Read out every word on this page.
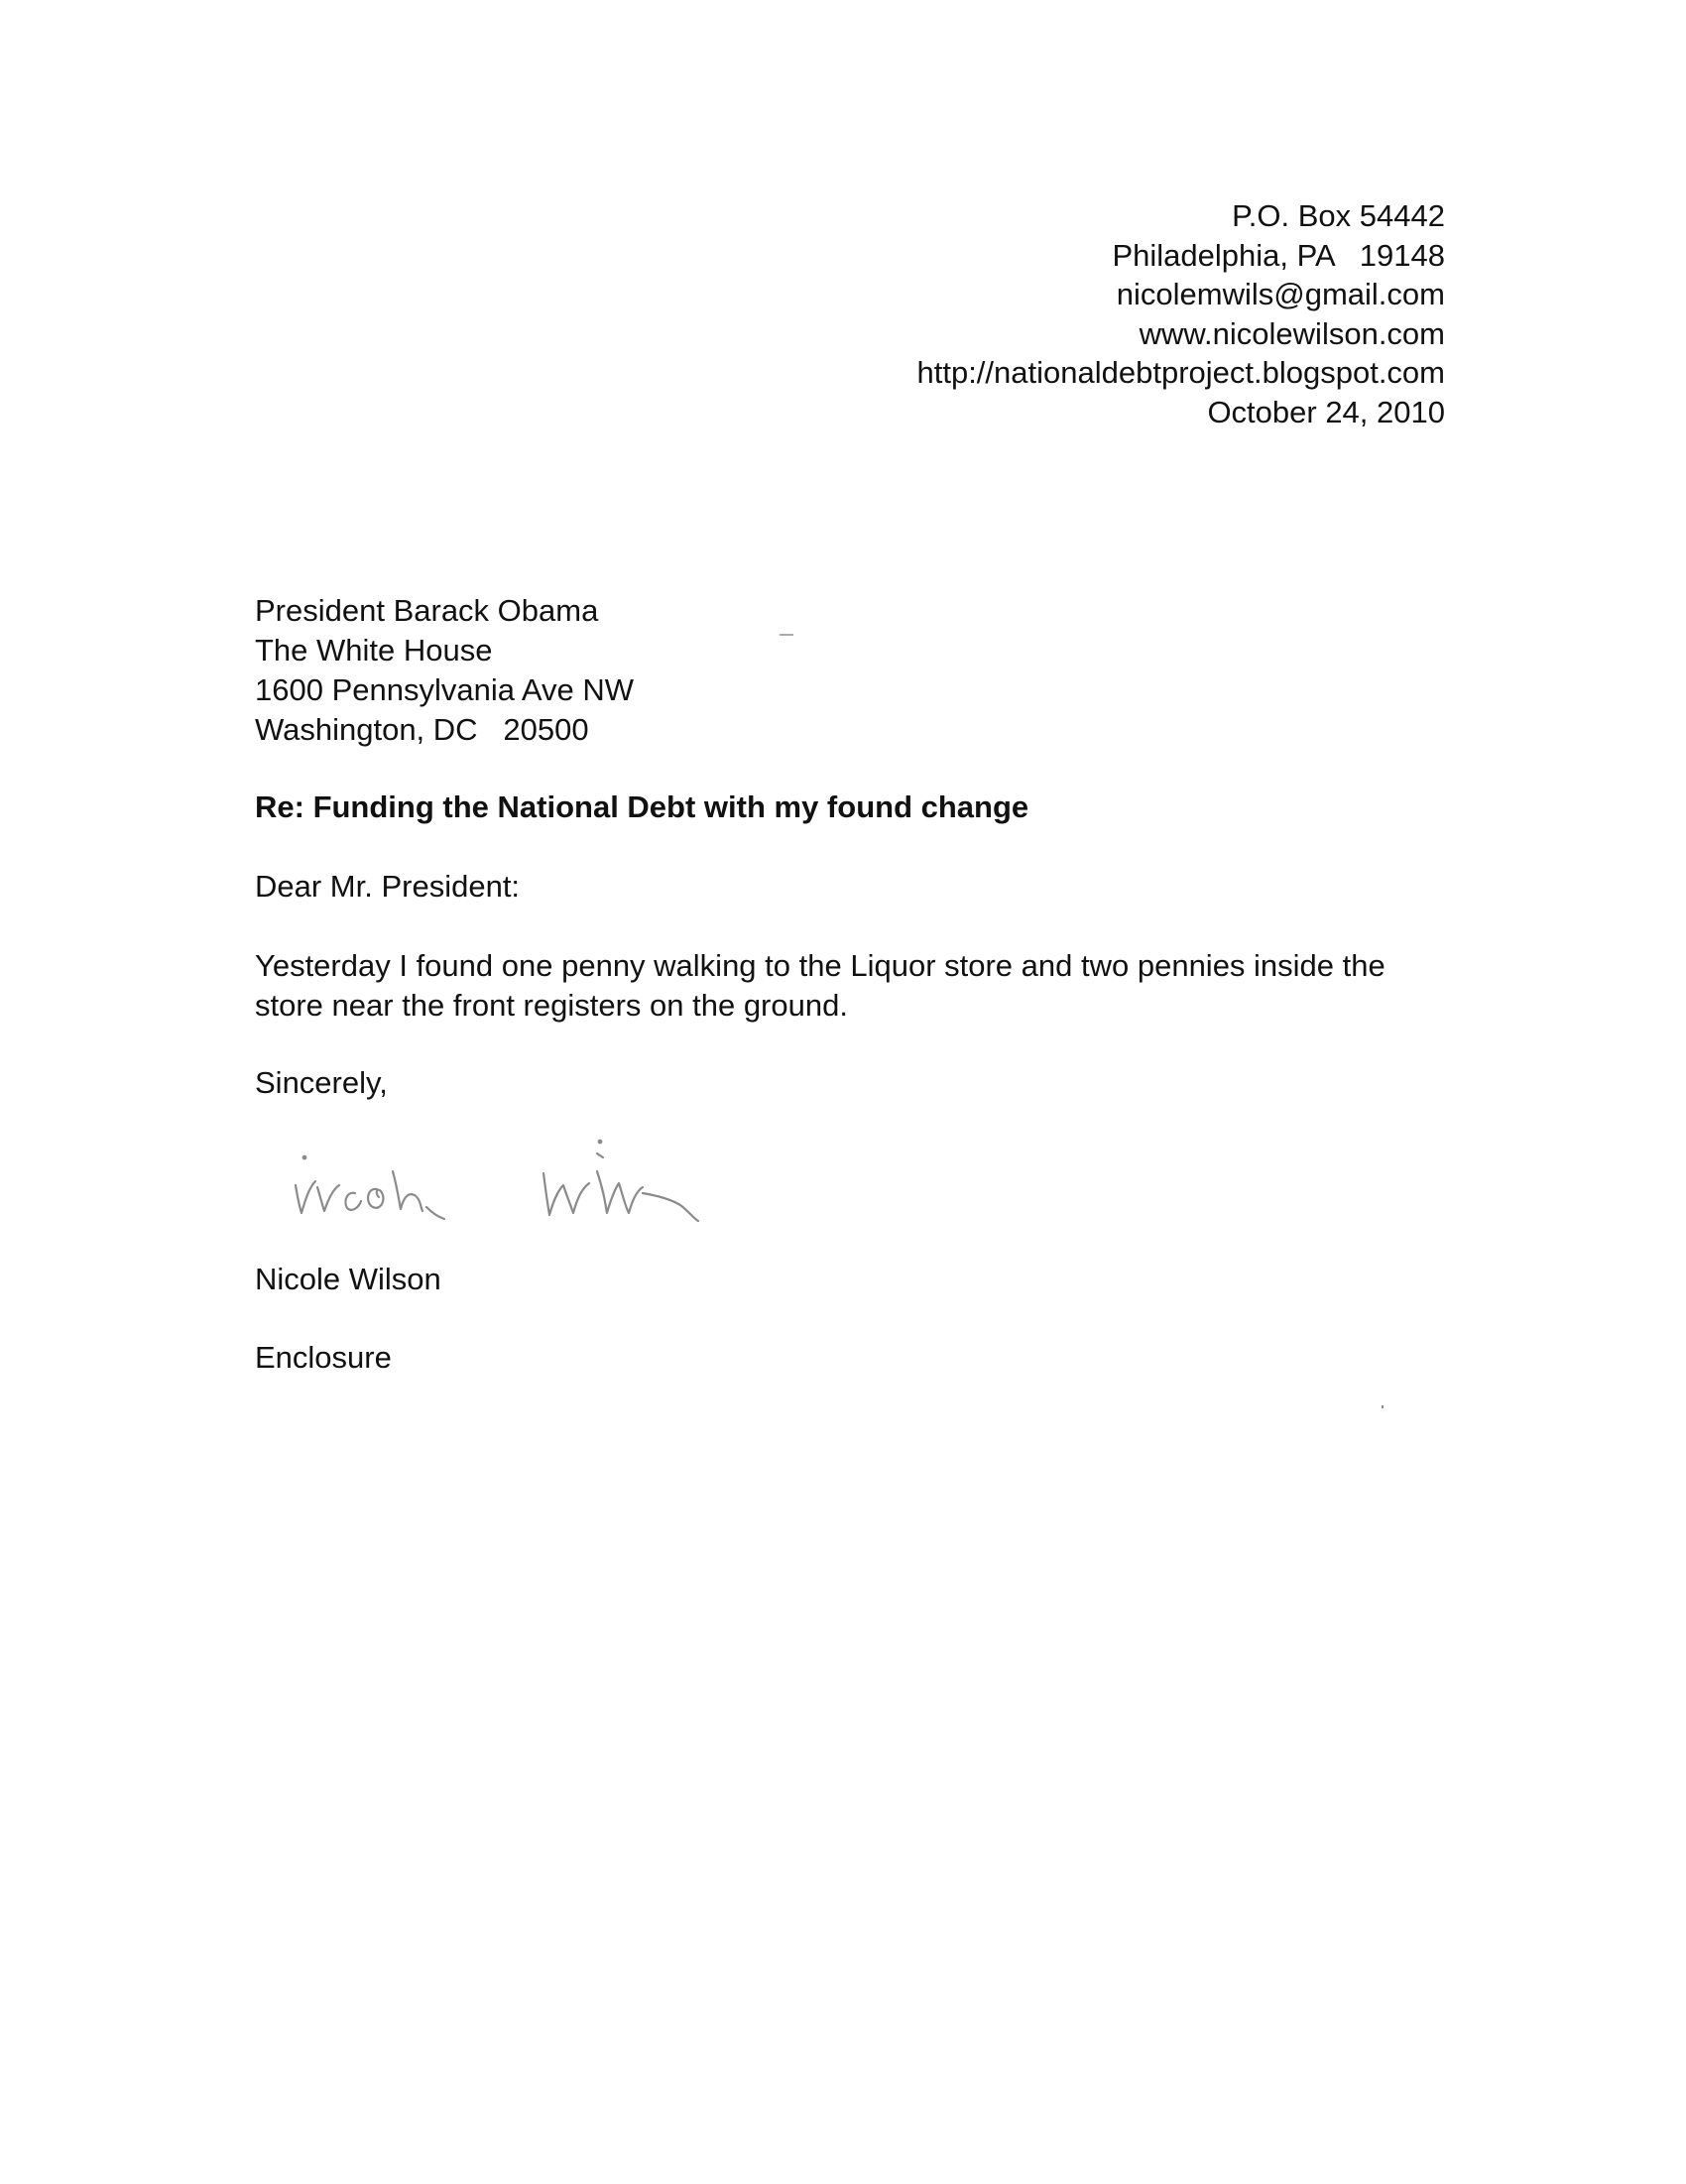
P.O. Box 54442
Philadelphia, PA   19148
nicolemwils@gmail.com
www.nicolewilson.com
http://nationaldebtproject.blogspot.com
October 24, 2010
President Barack Obama
The White House
1600 Pennsylvania Ave NW
Washington, DC   20500
Re: Funding the National Debt with my found change
Dear Mr. President:
Yesterday I found one penny walking to the Liquor store and two pennies inside the store near the front registers on the ground.
Sincerely,
Nicole Wilson
Enclosure
